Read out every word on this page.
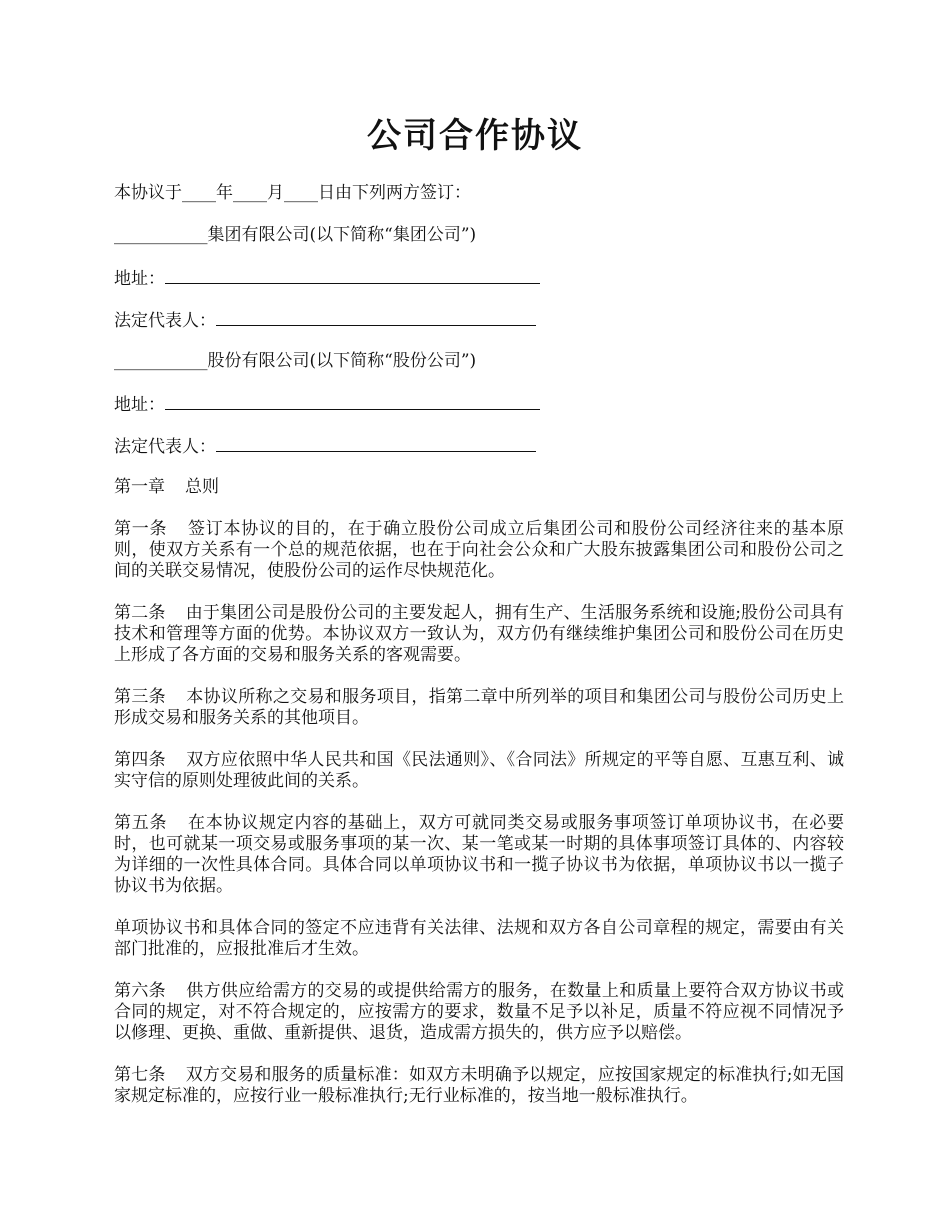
公司合作协议
本协议于____年____月____日由下列两方签订：
___________集团有限公司(以下简称“集团公司”)
地址：
法定代表人：
___________股份有限公司(以下简称“股份公司”)
地址：
法定代表人：
第一章 总则
第一条 签订本协议的目的，在于确立股份公司成立后集团公司和股份公司经济往来的基本原则，使双方关系有一个总的规范依据，也在于向社会公众和广大股东披露集团公司和股份公司之间的关联交易情况，使股份公司的运作尽快规范化。
第二条 由于集团公司是股份公司的主要发起人，拥有生产、生活服务系统和设施;股份公司具有技术和管理等方面的优势。本协议双方一致认为，双方仍有继续维护集团公司和股份公司在历史上形成了各方面的交易和服务关系的客观需要。
第三条 本协议所称之交易和服务项目，指第二章中所列举的项目和集团公司与股份公司历史上形成交易和服务关系的其他项目。
第四条 双方应依照中华人民共和国《民法通则》、《合同法》所规定的平等自愿、互惠互利、诚实守信的原则处理彼此间的关系。
第五条 在本协议规定内容的基础上，双方可就同类交易或服务事项签订单项协议书，在必要时，也可就某一项交易或服务事项的某一次、某一笔或某一时期的具体事项签订具体的、内容较为详细的一次性具体合同。具体合同以单项协议书和一揽子协议书为依据，单项协议书以一揽子协议书为依据。
单项协议书和具体合同的签定不应违背有关法律、法规和双方各自公司章程的规定，需要由有关部门批准的，应报批准后才生效。
第六条 供方供应给需方的交易的或提供给需方的服务，在数量上和质量上要符合双方协议书或合同的规定，对不符合规定的，应按需方的要求，数量不足予以补足，质量不符应视不同情况予以修理、更换、重做、重新提供、退货，造成需方损失的，供方应予以赔偿。
第七条 双方交易和服务的质量标准：如双方未明确予以规定，应按国家规定的标准执行;如无国家规定标准的，应按行业一般标准执行;无行业标准的，按当地一般标准执行。
